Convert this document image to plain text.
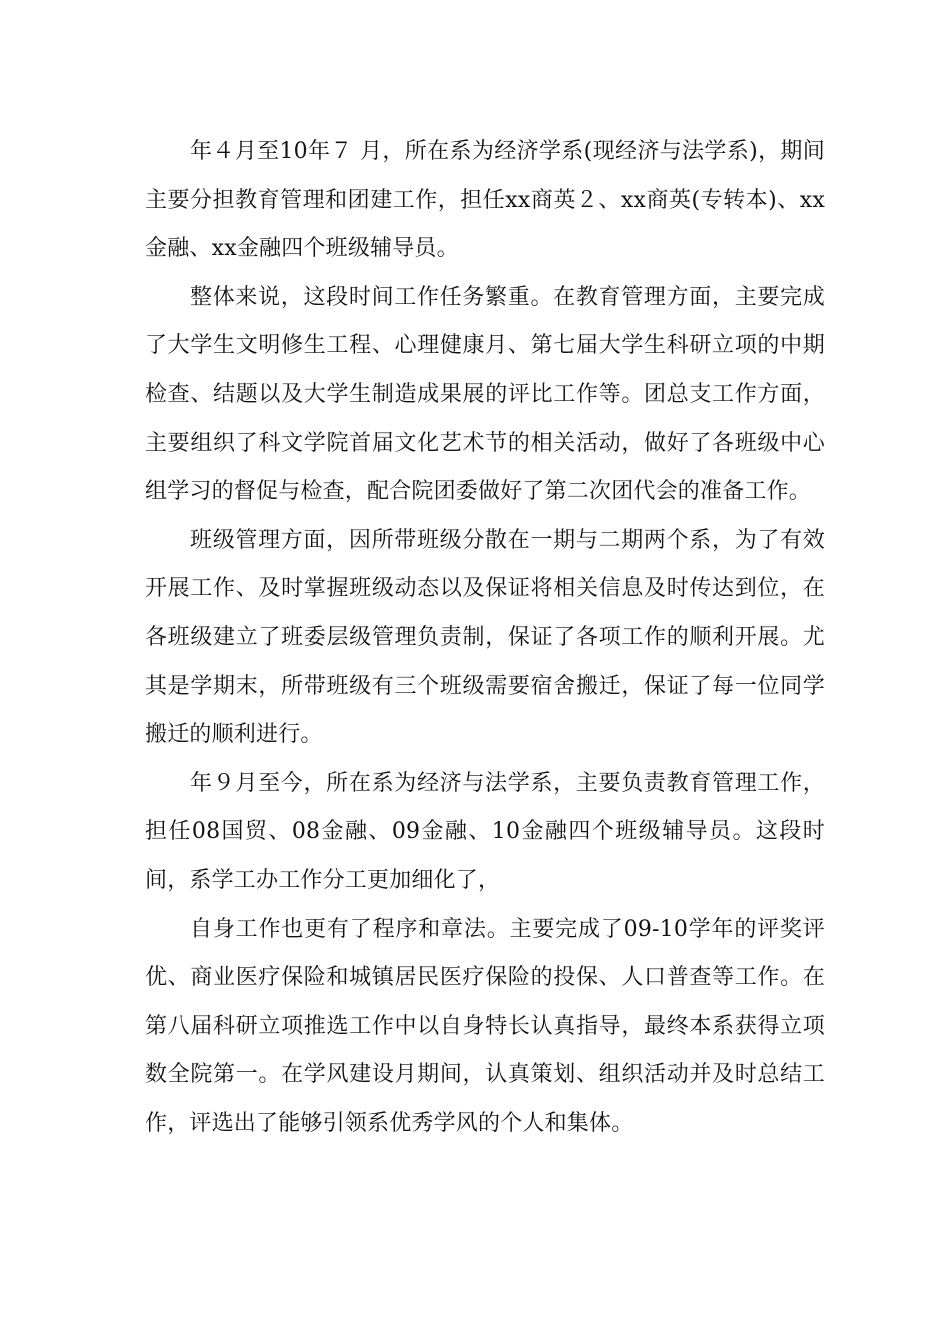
年４月至10年７ 月，所在系为经济学系(现经济与法学系)，期间主要分担教育管理和团建工作，担任xx商英２、xx商英(专转本)、xx金融、xx金融四个班级辅导员。

整体来说，这段时间工作任务繁重。在教育管理方面，主要完成了大学生文明修生工程、心理健康月、第七届大学生科研立项的中期检查、结题以及大学生制造成果展的评比工作等。团总支工作方面，主要组织了科文学院首届文化艺术节的相关活动，做好了各班级中心组学习的督促与检查，配合院团委做好了第二次团代会的准备工作。

班级管理方面，因所带班级分散在一期与二期两个系，为了有效开展工作、及时掌握班级动态以及保证将相关信息及时传达到位，在各班级建立了班委层级管理负责制，保证了各项工作的顺利开展。尤其是学期末，所带班级有三个班级需要宿舍搬迁，保证了每一位同学搬迁的顺利进行。

年９月至今，所在系为经济与法学系，主要负责教育管理工作，担任08国贸、08金融、09金融、10金融四个班级辅导员。这段时间，系学工办工作分工更加细化了，

自身工作也更有了程序和章法。主要完成了09-10学年的评奖评优、商业医疗保险和城镇居民医疗保险的投保、人口普查等工作。在第八届科研立项推选工作中以自身特长认真指导，最终本系获得立项数全院第一。在学风建设月期间，认真策划、组织活动并及时总结工作，评选出了能够引领系优秀学风的个人和集体。
